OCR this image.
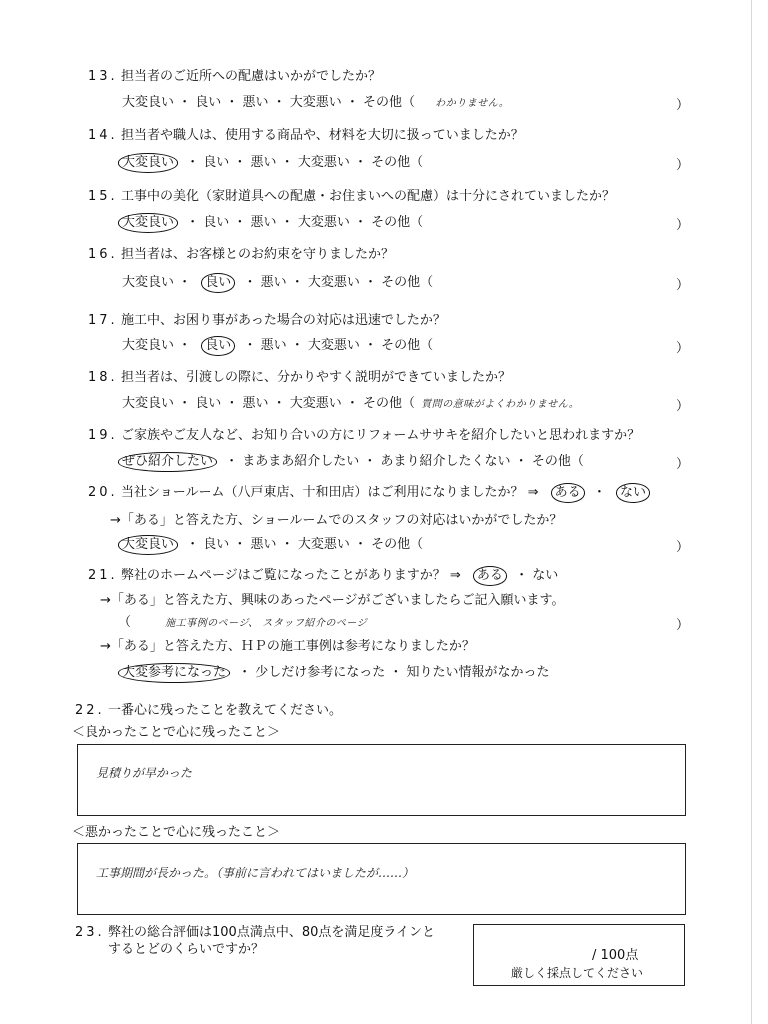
13. 担当者のご近所への配慮はいかがでしたか？
大変良い ・ 良い ・ 悪い ・ 大変悪い ・ その他（ わかりません。	）
14. 担当者や職人は、使用する商品や、材料を大切に扱っていましたか？
大変良い ・ 良い ・ 悪い ・ 大変悪い ・ その他（	）
15. 工事中の美化（家財道具への配慮・お住まいへの配慮）は十分にされていましたか？
大変良い ・ 良い ・ 悪い ・ 大変悪い ・ その他（	）
16. 担当者は、お客様とのお約束を守りましたか？
大変良い ・ 良い ・ 悪い ・ 大変悪い ・ その他（	）
17. 施工中、お困り事があった場合の対応は迅速でしたか？
大変良い ・ 良い ・ 悪い ・ 大変悪い ・ その他（	）
18. 担当者は、引渡しの際に、分かりやすく説明ができていましたか？
大変良い ・ 良い ・ 悪い ・ 大変悪い ・ その他（ 質問の意味がよくわかりません。	）
19. ご家族やご友人など、お知り合いの方にリフォームササキを紹介したいと思われますか？
ぜひ紹介したい ・ まあまあ紹介したい ・ あまり紹介したくない ・ その他（	）
20. 当社ショールーム（八戸東店、十和田店）はご利用になりましたか？ ⇒ ある ・ ない
→「ある」と答えた方、ショールームでのスタッフの対応はいかがでしたか？
大変良い ・ 良い ・ 悪い ・ 大変悪い ・ その他（	）
21. 弊社のホームページはご覧になったことがありますか？ ⇒ ある ・ ない
→「ある」と答えた方、興味のあったページがございましたらご記入願います。
（	施工事例のページ、 スタッフ紹介のページ	）
→「ある」と答えた方、ＨＰの施工事例は参考になりましたか？
大変参考になった ・ 少しだけ参考になった ・ 知りたい情報がなかった
22. 一番心に残ったことを教えてください。
＜良かったことで心に残ったこと＞
見積りが早かった
＜悪かったことで心に残ったこと＞
工事期間が長かった。（事前に言われてはいましたが……）
23. 弊社の総合評価は100点満点中、80点を満足度ラインと
するとどのくらいですか？	/ 100点
厳しく採点してください
